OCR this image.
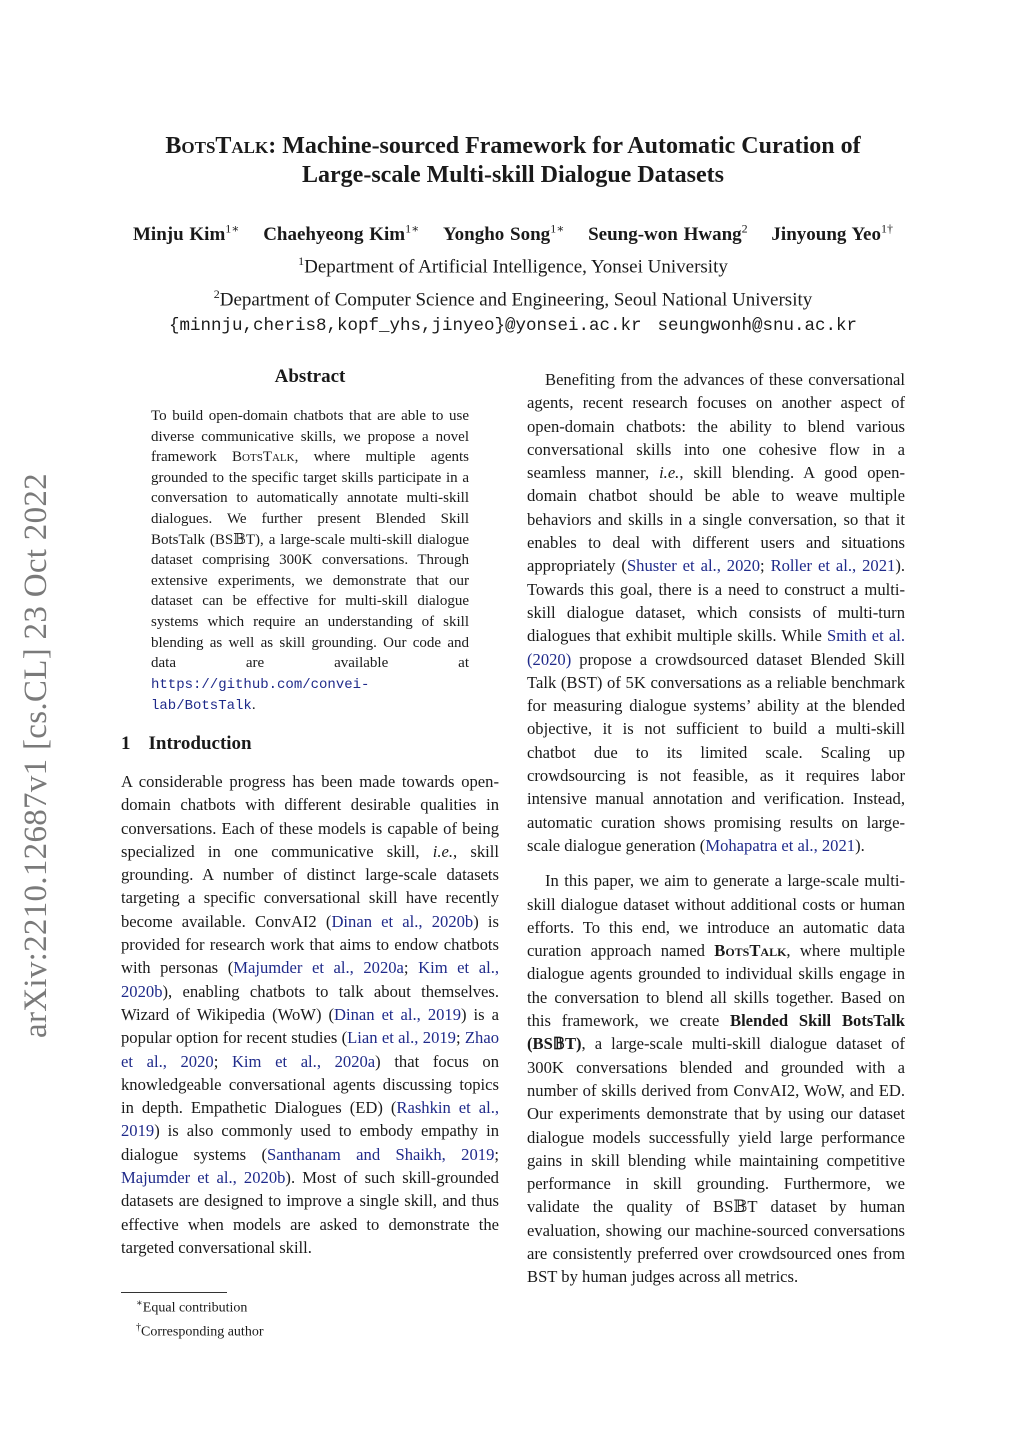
arXiv:2210.12687v1 [cs.CL] 23 Oct 2022
BotsTalk: Machine-sourced Framework for Automatic Curation of
Large-scale Multi-skill Dialogue Datasets
Minju Kim$^{1∗}$ Chaehyeong Kim$^{1∗}$ Yongho Song$^{1∗}$ Seung-won Hwang$^2$ Jinyoung Yeo$^{1\dagger}$
$^1$Department of Artificial Intelligence, Yonsei University
$^2$Department of Computer Science and Engineering, Seoul National University
{minnju,cheris8,kopf_yhs,jinyeo}@yonsei.ac.kr seungwonh@snu.ac.kr
Abstract
To build open-domain chatbots that are able to use diverse communicative skills, we propose a novel framework BotsTalk, where multiple agents grounded to the specific target skills participate in a conversation to automatically annotate multi-skill dialogues. We further present Blended Skill BotsTalk (BS𝔹T), a large-scale multi-skill dialogue dataset comprising 300K conversations. Through extensive experiments, we demonstrate that our dataset can be effective for multi-skill dialogue systems which require an understanding of skill blending as well as skill grounding. Our code and data are available at https://github.com/convei-lab/BotsTalk.
1 Introduction

A considerable progress has been made towards open-domain chatbots with different desirable qualities in conversations. Each of these models is capable of being specialized in one communicative skill, i.e., skill grounding. A number of distinct large-scale datasets targeting a specific conversational skill have recently become available. ConvAI2 (Dinan et al., 2020b) is provided for research work that aims to endow chatbots with personas (Majumder et al., 2020a; Kim et al., 2020b), enabling chatbots to talk about themselves. Wizard of Wikipedia (WoW) (Dinan et al., 2019) is a popular option for recent studies (Lian et al., 2019; Zhao et al., 2020; Kim et al., 2020a) that focus on knowledgeable conversational agents discussing topics in depth. Empathetic Dialogues (ED) (Rashkin et al., 2019) is also commonly used to embody empathy in dialogue systems (Santhanam and Shaikh, 2019; Majumder et al., 2020b). Most of such skill-grounded datasets are designed to improve a single skill, and thus effective when models are asked to demonstrate the targeted conversational skill.

∗Equal contribution
†Corresponding author

Benefiting from the advances of these conversational agents, recent research focuses on another aspect of open-domain chatbots: the ability to blend various conversational skills into one cohesive flow in a seamless manner, i.e., skill blending. A good open-domain chatbot should be able to weave multiple behaviors and skills in a single conversation, so that it enables to deal with different users and situations appropriately (Shuster et al., 2020; Roller et al., 2021). Towards this goal, there is a need to construct a multi-skill dialogue dataset, which consists of multi-turn dialogues that exhibit multiple skills. While Smith et al. (2020) propose a crowdsourced dataset Blended Skill Talk (BST) of 5K conversations as a reliable benchmark for measuring dialogue systems’ ability at the blended objective, it is not sufficient to build a multi-skill chatbot due to its limited scale. Scaling up crowdsourcing is not feasible, as it requires labor intensive manual annotation and verification. Instead, automatic curation shows promising results on large-scale dialogue generation (Mohapatra et al., 2021).

In this paper, we aim to generate a large-scale multi-skill dialogue dataset without additional costs or human efforts. To this end, we introduce an automatic data curation approach named BotsTalk, where multiple dialogue agents grounded to individual skills engage in the conversation to blend all skills together. Based on this framework, we create Blended Skill BotsTalk (BS𝔹T), a large-scale multi-skill dialogue dataset of 300K conversations blended and grounded with a number of skills derived from ConvAI2, WoW, and ED. Our experiments demonstrate that by using our dataset dialogue models successfully yield large performance gains in skill blending while maintaining competitive performance in skill grounding. Furthermore, we validate the quality of BS𝔹T dataset by human evaluation, showing our machine-sourced conversations are consistently preferred over crowdsourced ones from BST by human judges across all metrics.
